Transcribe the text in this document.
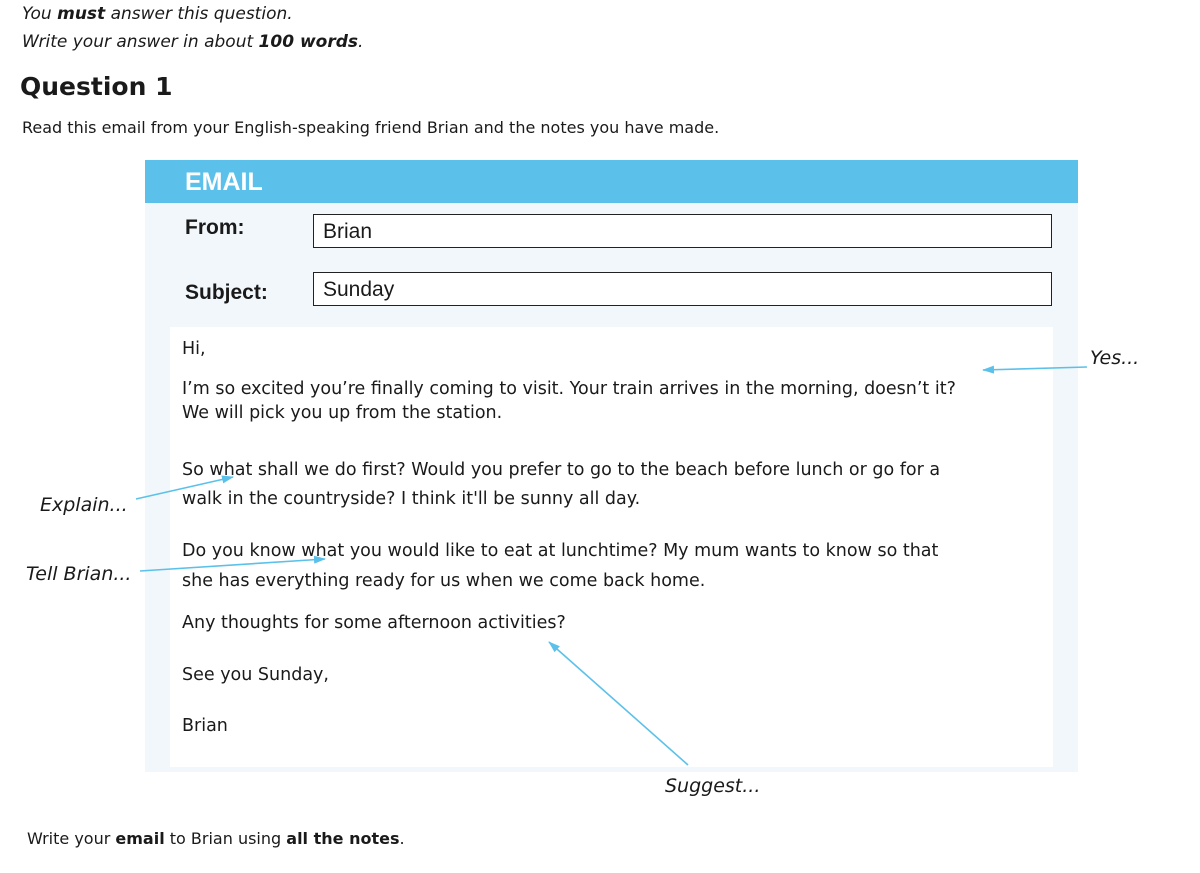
You must answer this question.
Write your answer in about 100 words.
Question 1
Read this email from your English-speaking friend Brian and the notes you have made.
EMAIL
From:	Brian
Subject:	Sunday
Hi,
I’m so excited you’re finally coming to visit. Your train arrives in the morning, doesn’t it?
We will pick you up from the station.
So what shall we do first? Would you prefer to go to the beach before lunch or go for a
walk in the countryside? I think it'll be sunny all day.
Do you know what you would like to eat at lunchtime? My mum wants to know so that
she has everything ready for us when we come back home.
Any thoughts for some afternoon activities?
See you Sunday,
Brian
Yes...
Explain...
Tell Brian...
Suggest...
Write your email to Brian using all the notes.
